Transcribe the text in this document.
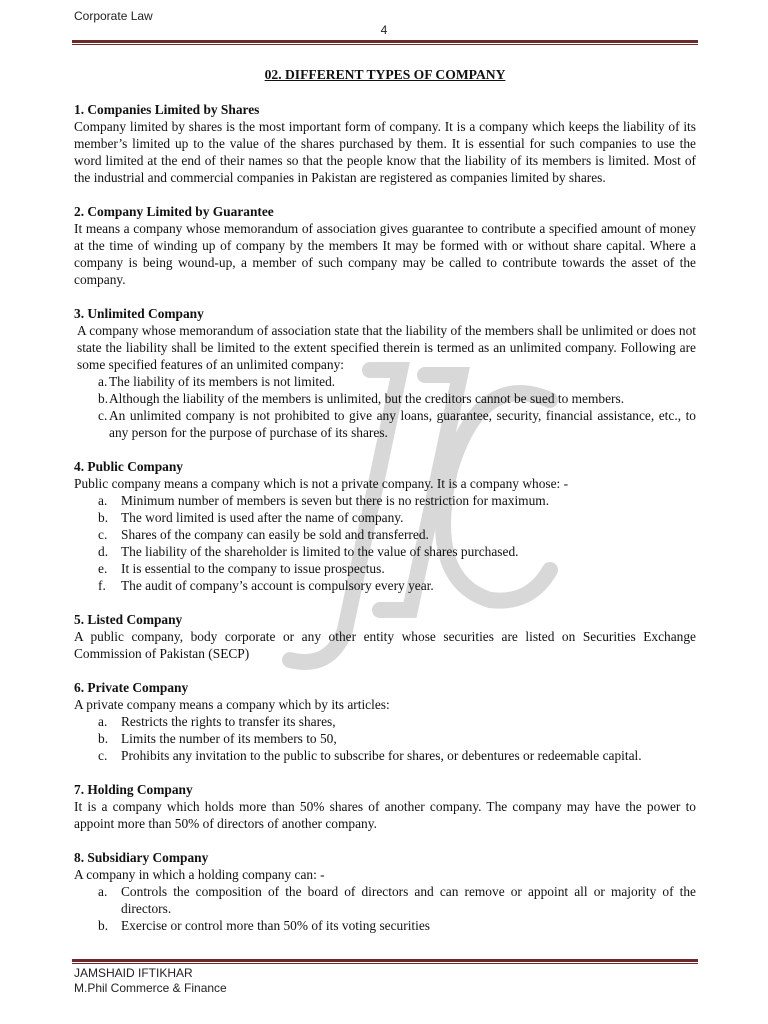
Corporate Law
4
02. DIFFERENT TYPES OF COMPANY
1. Companies Limited by Shares
Company limited by shares is the most important form of company. It is a company which keeps the liability of its member’s limited up to the value of the shares purchased by them. It is essential for such companies to use the word limited at the end of their names so that the people know that the liability of its members is limited. Most of the industrial and commercial companies in Pakistan are registered as companies limited by shares.
2. Company Limited by Guarantee
It means a company whose memorandum of association gives guarantee to contribute a specified amount of money at the time of winding up of company by the members It may be formed with or without share capital. Where a company is being wound-up, a member of such company may be called to contribute towards the asset of the company.
3. Unlimited Company
A company whose memorandum of association state that the liability of the members shall be unlimited or does not state the liability shall be limited to the extent specified therein is termed as an unlimited company. Following are some specified features of an unlimited company:
a. The liability of its members is not limited.
b. Although the liability of the members is unlimited, but the creditors cannot be sued to members.
c. An unlimited company is not prohibited to give any loans, guarantee, security, financial assistance, etc., to any person for the purpose of purchase of its shares.
4. Public Company
Public company means a company which is not a private company. It is a company whose: -
a. Minimum number of members is seven but there is no restriction for maximum.
b. The word limited is used after the name of company.
c. Shares of the company can easily be sold and transferred.
d. The liability of the shareholder is limited to the value of shares purchased.
e. It is essential to the company to issue prospectus.
f. The audit of company’s account is compulsory every year.
5. Listed Company
A public company, body corporate or any other entity whose securities are listed on Securities Exchange Commission of Pakistan (SECP)
6. Private Company
A private company means a company which by its articles:
a. Restricts the rights to transfer its shares,
b. Limits the number of its members to 50,
c. Prohibits any invitation to the public to subscribe for shares, or debentures or redeemable capital.
7. Holding Company
It is a company which holds more than 50% shares of another company. The company may have the power to appoint more than 50% of directors of another company.
8. Subsidiary Company
A company in which a holding company can: -
a. Controls the composition of the board of directors and can remove or appoint all or majority of the directors.
b. Exercise or control more than 50% of its voting securities
JAMSHAID IFTIKHAR
M.Phil Commerce & Finance
